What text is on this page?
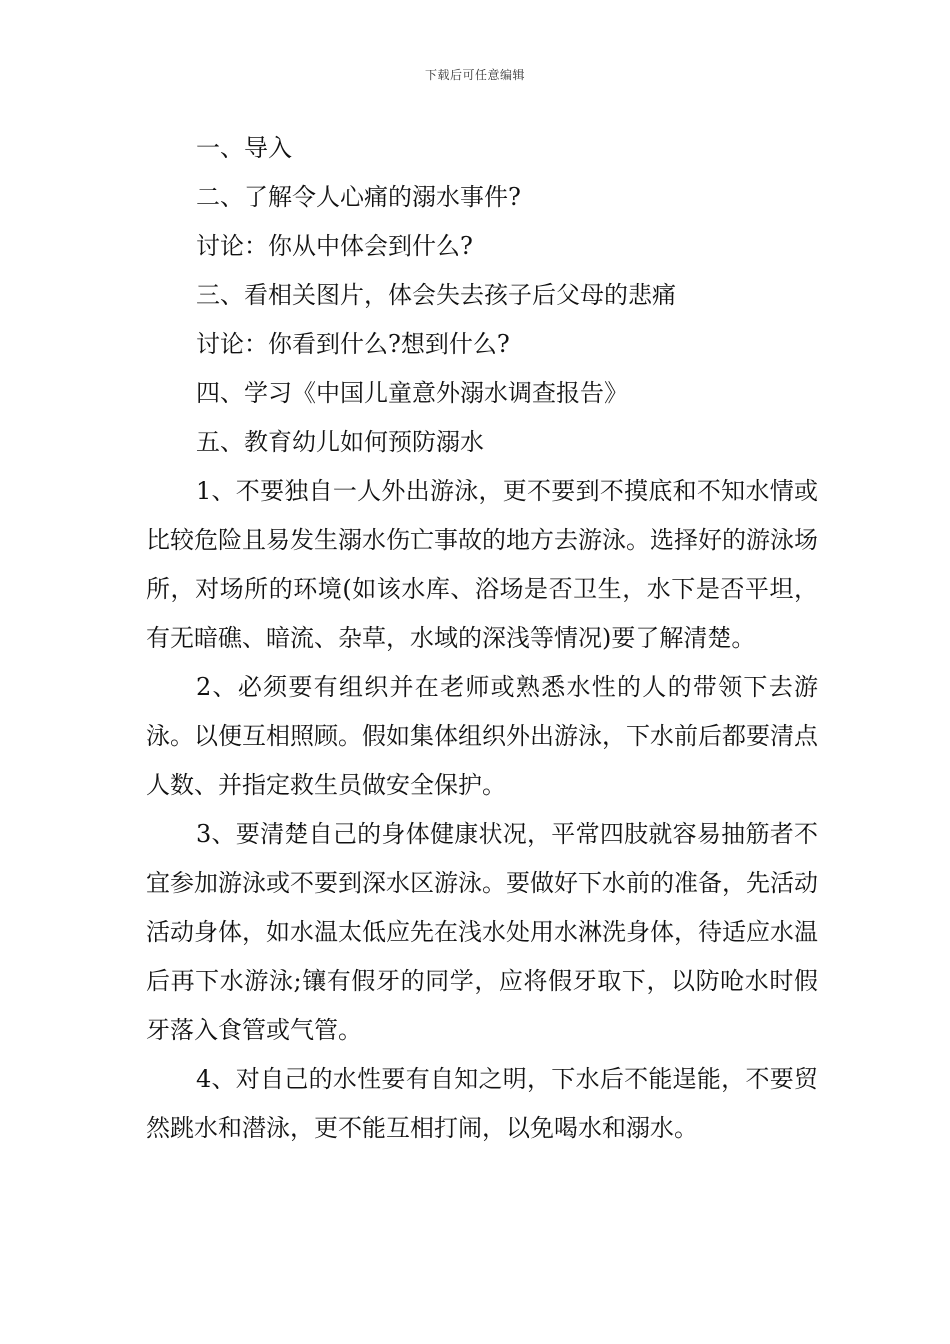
下载后可任意编辑
一、导入
二、了解令人心痛的溺水事件?
讨论：你从中体会到什么?
三、看相关图片，体会失去孩子后父母的悲痛
讨论：你看到什么?想到什么?
四、学习《中国儿童意外溺水调查报告》
五、教育幼儿如何预防溺水

1、不要独自一人外出游泳，更不要到不摸底和不知水情或比较危险且易发生溺水伤亡事故的地方去游泳。选择好的游泳场所，对场所的环境(如该水库、浴场是否卫生，水下是否平坦，有无暗礁、暗流、杂草，水域的深浅等情况)要了解清楚。

2、必须要有组织并在老师或熟悉水性的人的带领下去游泳。以便互相照顾。假如集体组织外出游泳，下水前后都要清点人数、并指定救生员做安全保护。

3、要清楚自己的身体健康状况，平常四肢就容易抽筋者不宜参加游泳或不要到深水区游泳。要做好下水前的准备，先活动活动身体，如水温太低应先在浅水处用水淋洗身体，待适应水温后再下水游泳;镶有假牙的同学，应将假牙取下，以防呛水时假牙落入食管或气管。

4、对自己的水性要有自知之明，下水后不能逞能，不要贸然跳水和潜泳，更不能互相打闹，以免喝水和溺水。
